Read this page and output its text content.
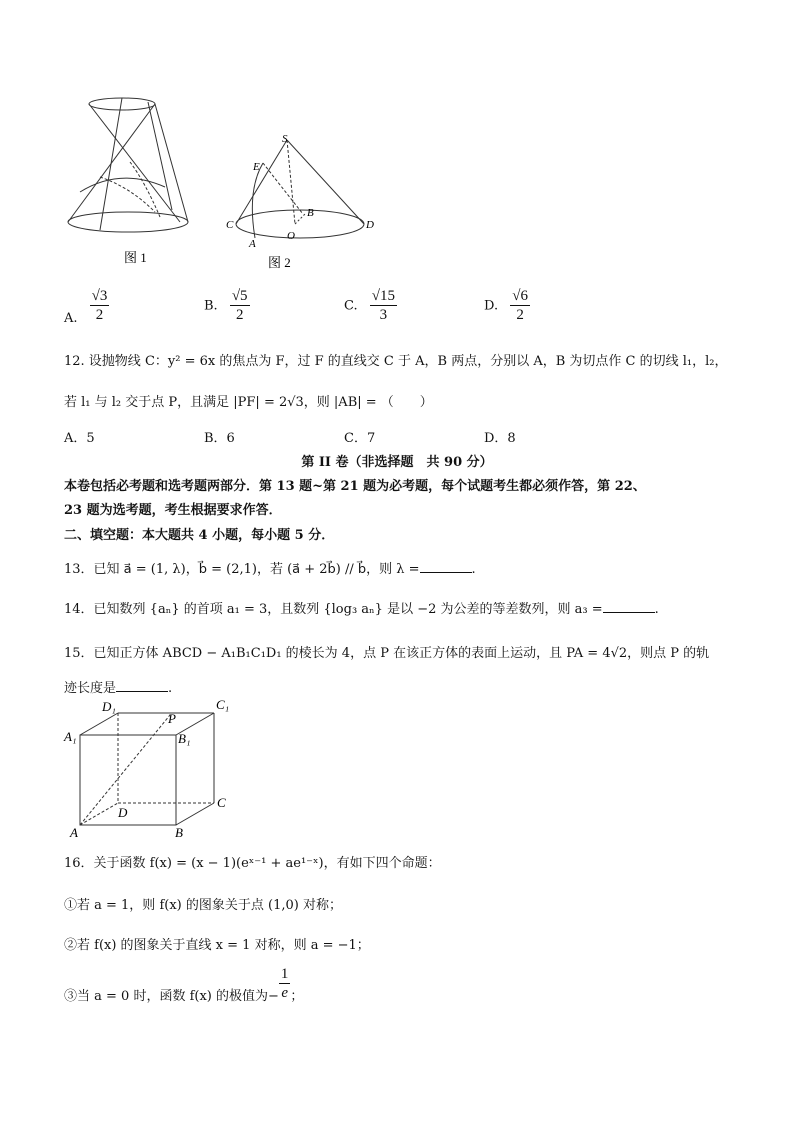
图 1
S
E
B
C	D
A
O
图 2
A. $\frac{√3}{2}$	B. $\frac{√5}{2}$	C. $\frac{√15}{3}$	D. $\frac{√6}{2}$
12. 设抛物线 C：y² = 6x 的焦点为 F，过 F 的直线交 C 于 A，B 两点，分别以 A，B 为切点作 C 的切线 l₁，l₂，
若 l₁ 与 l₂ 交于点 P，且满足 |PF| = 2√3，则 |AB| = （　　）
A．5	B．6	C．7	D．8
第 II 卷（非选择题　共 90 分）
本卷包括必考题和选考题两部分．第 13 题~第 21 题为必考题，每个试题考生都必须作答，第 22、
23 题为选考题，考生根据要求作答．
二、填空题：本大题共 4 小题，每小题 5 分．
13．已知 a⃗ = (1, λ)，b⃗ = (2,1)，若 (a⃗ + 2b⃗) // b⃗，则 λ =	.
14．已知数列 {aₙ} 的首项 a₁ = 3，且数列 {log₃ aₙ} 是以 −2 为公差的等差数列，则 a₃ =	.
15．已知正方体 ABCD − A₁B₁C₁D₁ 的棱长为 4，点 P 在该正方体的表面上运动，且 PA = 4√2，则点 P 的轨
迹长度是	.
D₁	C₁
P
A₁	B₁
D
C
A	B
16．关于函数 f(x) = (x − 1)(eˣ⁻¹ + ae¹⁻ˣ)，有如下四个命题：
①若 a = 1，则 f(x) 的图象关于点 (1,0) 对称；
②若 f(x) 的图象关于直线 x = 1 对称，则 a = −1；
③当 a = 0 时，函数 f(x) 的极值为− $\frac{1}{e}$ ；
